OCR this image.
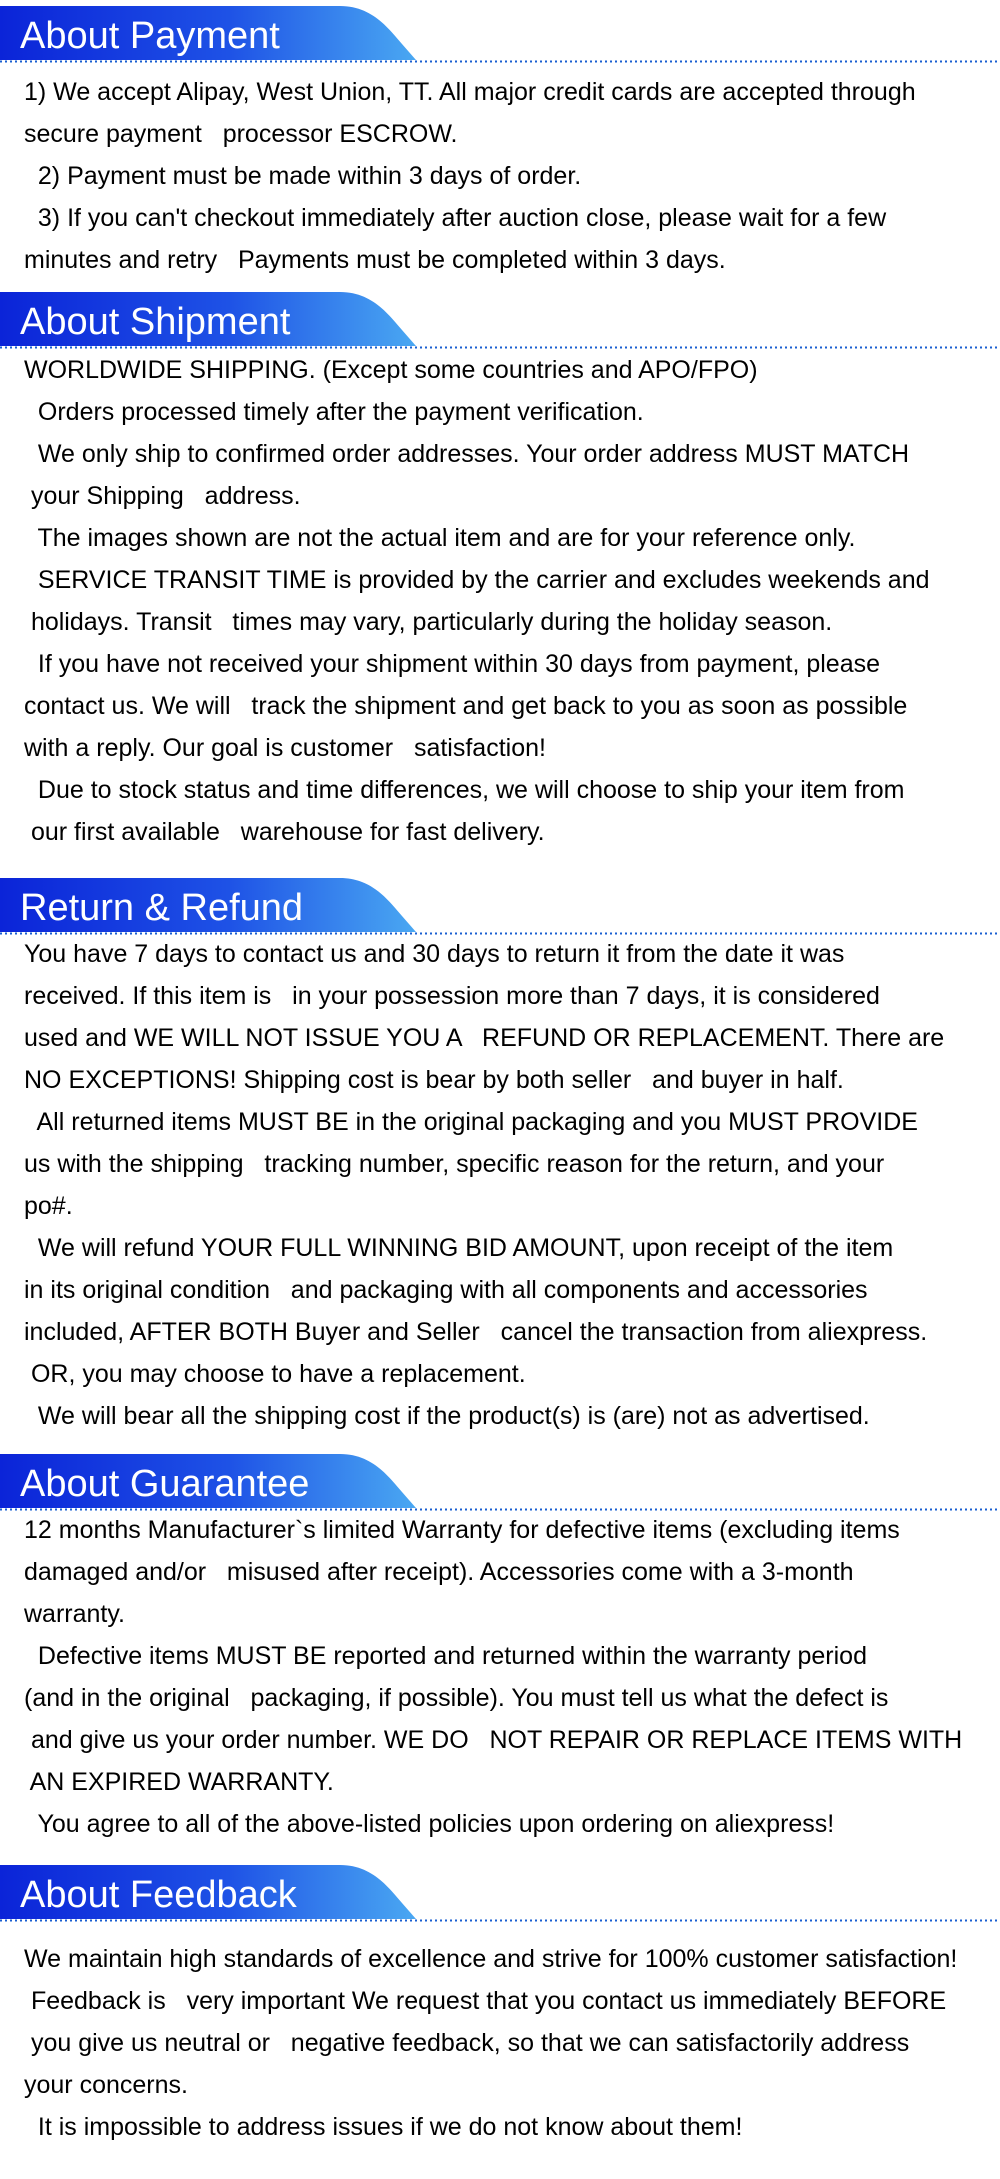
About Payment
1) We accept Alipay, West Union, TT. All major credit cards are accepted through
secure payment   processor ESCROW.
2) Payment must be made within 3 days of order.
3) If you can't checkout immediately after auction close, please wait for a few
minutes and retry   Payments must be completed within 3 days.
About Shipment
WORLDWIDE SHIPPING. (Except some countries and APO/FPO)
Orders processed timely after the payment verification.
We only ship to confirmed order addresses. Your order address MUST MATCH
your Shipping   address.
The images shown are not the actual item and are for your reference only.
SERVICE TRANSIT TIME is provided by the carrier and excludes weekends and
holidays. Transit   times may vary, particularly during the holiday season.
If you have not received your shipment within 30 days from payment, please
contact us. We will   track the shipment and get back to you as soon as possible
with a reply. Our goal is customer   satisfaction!
Due to stock status and time differences, we will choose to ship your item from
our first available   warehouse for fast delivery.
Return & Refund
You have 7 days to contact us and 30 days to return it from the date it was
received. If this item is   in your possession more than 7 days, it is considered
used and WE WILL NOT ISSUE YOU A   REFUND OR REPLACEMENT. There are
NO EXCEPTIONS! Shipping cost is bear by both seller   and buyer in half.
All returned items MUST BE in the original packaging and you MUST PROVIDE
us with the shipping   tracking number, specific reason for the return, and your
po#.
We will refund YOUR FULL WINNING BID AMOUNT, upon receipt of the item
in its original condition   and packaging with all components and accessories
included, AFTER BOTH Buyer and Seller   cancel the transaction from aliexpress.
OR, you may choose to have a replacement.
We will bear all the shipping cost if the product(s) is (are) not as advertised.
About Guarantee
12 months Manufacturer`s limited Warranty for defective items (excluding items
damaged and/or   misused after receipt). Accessories come with a 3-month
warranty.
Defective items MUST BE reported and returned within the warranty period
(and in the original   packaging, if possible). You must tell us what the defect is
and give us your order number. WE DO   NOT REPAIR OR REPLACE ITEMS WITH
AN EXPIRED WARRANTY.
You agree to all of the above-listed policies upon ordering on aliexpress!
About Feedback
We maintain high standards of excellence and strive for 100% customer satisfaction!
Feedback is   very important We request that you contact us immediately BEFORE
you give us neutral or   negative feedback, so that we can satisfactorily address
your concerns.
It is impossible to address issues if we do not know about them!
